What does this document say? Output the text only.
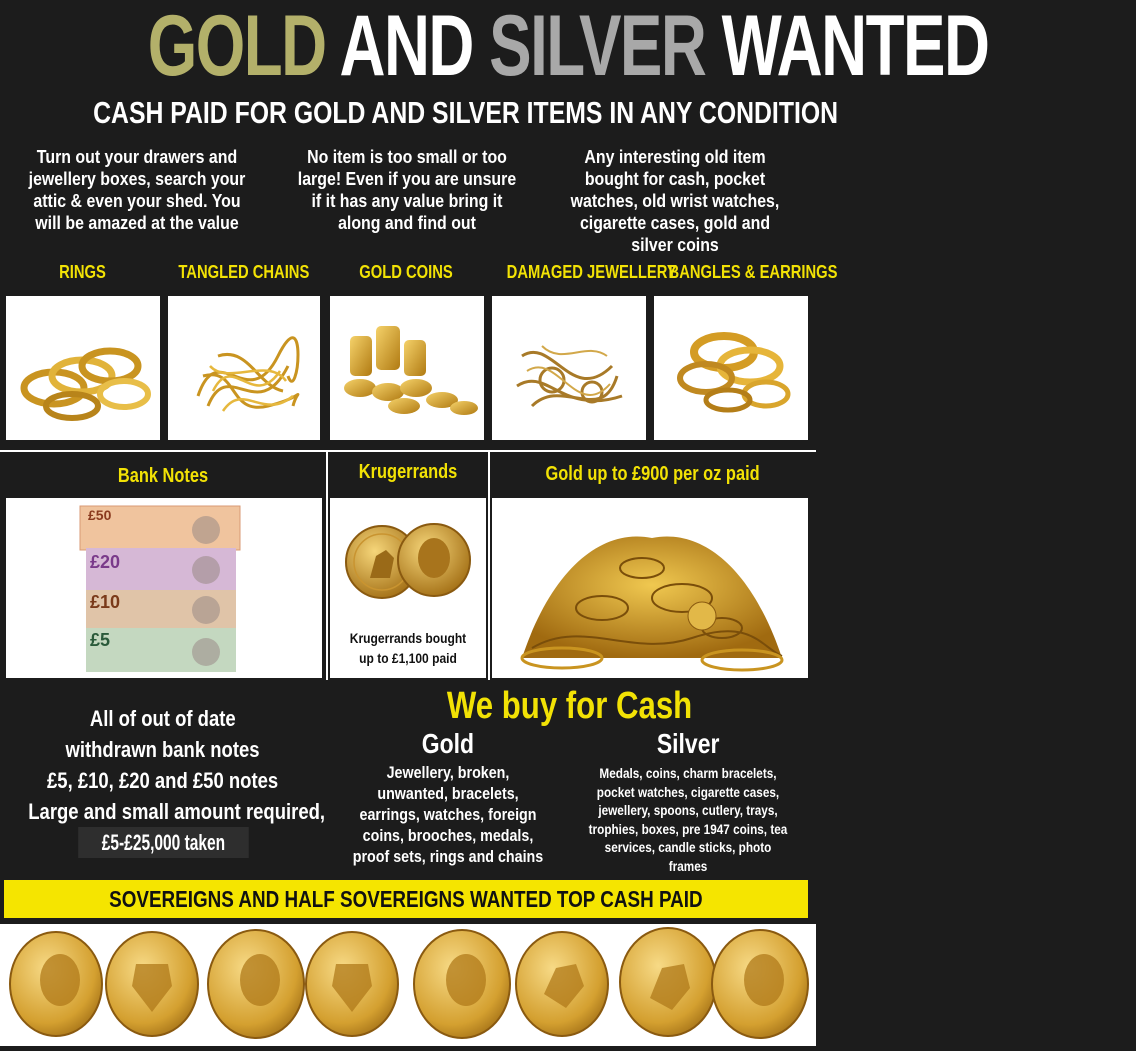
GOLD AND SILVER WANTED
CASH PAID FOR GOLD AND SILVER ITEMS IN ANY CONDITION
Turn out your drawers and jewellery boxes, search your attic & even your shed. You will be amazed at the value
No item is too small or too large! Even if you are unsure if it has any value bring it along and find out
Any interesting old item bought for cash, pocket watches, old wrist watches, cigarette cases, gold and silver coins
RINGS	TANGLED CHAINS	GOLD COINS	DAMAGED JEWELLERY
BANGLES & EARRINGS
Bank Notes	Krugerrands	Gold up to £900 per oz paid
£50
£20
£10
£5	Krugerrands bought
up to £1,100 paid
All of out of date
withdrawn bank notes
£5, £10, £20 and £50 notes
Large and small amount required,
£5-£25,000 taken
We buy for Cash
Gold	Silver
Jewellery, broken, unwanted, bracelets, earrings, watches, foreign coins, brooches, medals, proof sets, rings and chains
Medals, coins, charm bracelets, pocket watches, cigarette cases, jewellery, spoons, cutlery, trays, trophies, boxes, pre 1947 coins, tea services, candle sticks, photo frames
SOVEREIGNS AND HALF SOVEREIGNS WANTED TOP CASH PAID
